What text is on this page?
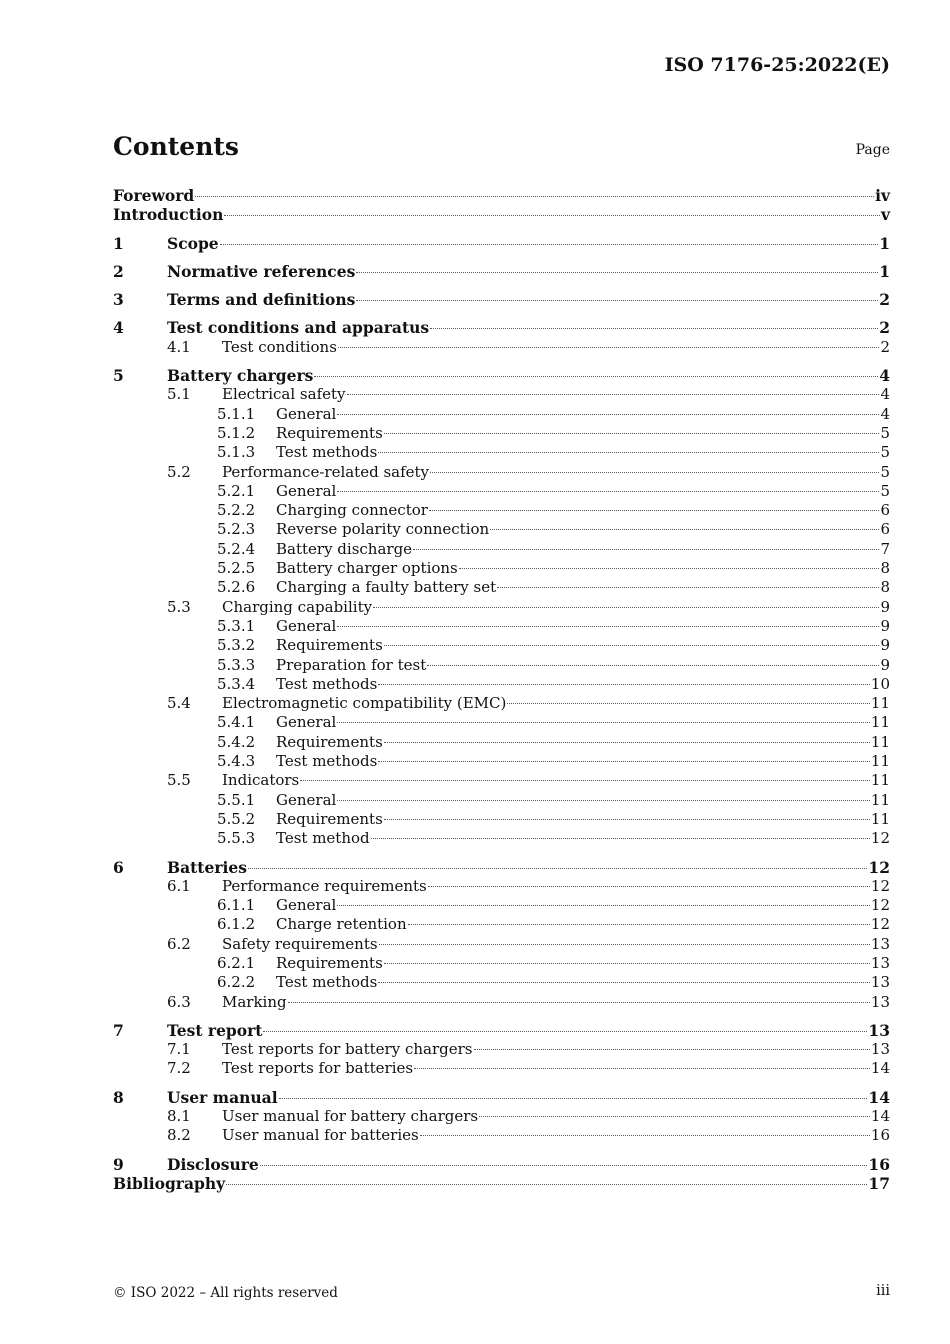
ISO 7176-25:2022(E)
Contents	Page
Foreword	iv
Introduction	v
1	Scope	1
2	Normative references	1
3	Terms and definitions	2
4	Test conditions and apparatus	2
4.1	Test conditions	2
5	Battery chargers	4
5.1	Electrical safety	4
5.1.1	General	4
5.1.2	Requirements	5
5.1.3	Test methods	5
5.2	Performance-related safety	5
5.2.1	General	5
5.2.2	Charging connector	6
5.2.3	Reverse polarity connection	6
5.2.4	Battery discharge	7
5.2.5	Battery charger options	8
5.2.6	Charging a faulty battery set	8
5.3	Charging capability	9
5.3.1	General	9
5.3.2	Requirements	9
5.3.3	Preparation for test	9
5.3.4	Test methods	10
5.4	Electromagnetic compatibility (EMC)	11
5.4.1	General	11
5.4.2	Requirements	11
5.4.3	Test methods	11
5.5	Indicators	11
5.5.1	General	11
5.5.2	Requirements	11
5.5.3	Test method	12
6	Batteries	12
6.1	Performance requirements	12
6.1.1	General	12
6.1.2	Charge retention	12
6.2	Safety requirements	13
6.2.1	Requirements	13
6.2.2	Test methods	13
6.3	Marking	13
7	Test report	13
7.1	Test reports for battery chargers	13
7.2	Test reports for batteries	14
8	User manual	14
8.1	User manual for battery chargers	14
8.2	User manual for batteries	16
9	Disclosure	16
Bibliography	17
© ISO 2022 – All rights reserved	iii
